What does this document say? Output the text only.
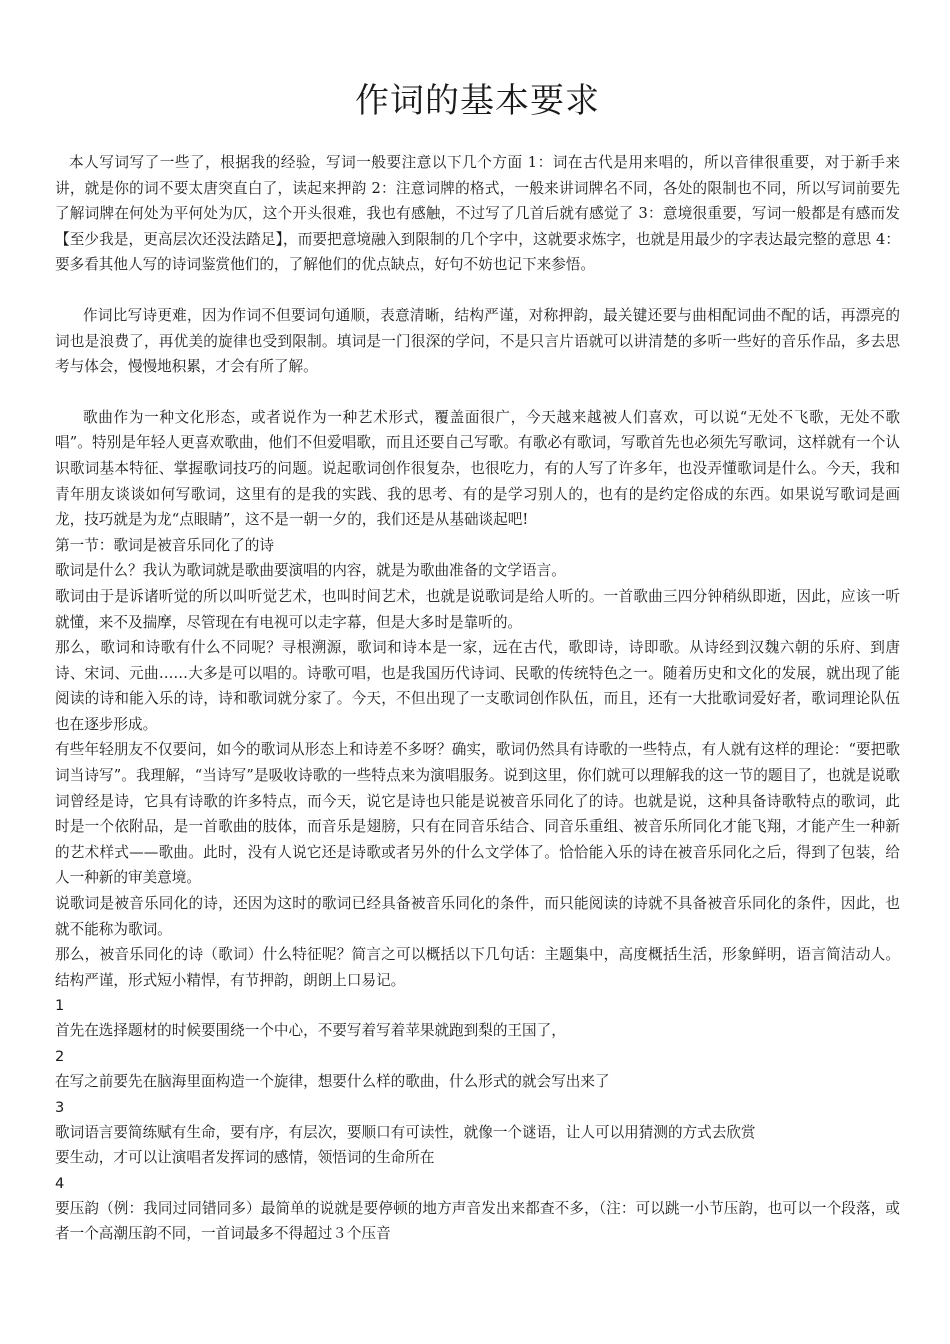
作词的基本要求

本人写词写了一些了，根据我的经验，写词一般要注意以下几个方面 1：词在古代是用来唱的，所以音律很重要，对于新手来讲，就是你的词不要太唐突直白了，读起来押韵 2：注意词牌的格式，一般来讲词牌名不同，各处的限制也不同，所以写词前要先了解词牌在何处为平何处为仄，这个开头很难，我也有感触，不过写了几首后就有感觉了 3：意境很重要，写词一般都是有感而发【至少我是，更高层次还没法踏足】，而要把意境融入到限制的几个字中，这就要求炼字，也就是用最少的字表达最完整的意思 4：要多看其他人写的诗词鉴赏他们的，了解他们的优点缺点，好句不妨也记下来参悟。

作词比写诗更难，因为作词不但要词句通顺，表意清晰，结构严谨，对称押韵，最关键还要与曲相配词曲不配的话，再漂亮的词也是浪费了，再优美的旋律也受到限制。填词是一门很深的学问，不是只言片语就可以讲清楚的多听一些好的音乐作品，多去思考与体会，慢慢地积累，才会有所了解。

歌曲作为一种文化形态，或者说作为一种艺术形式，覆盖面很广，今天越来越被人们喜欢，可以说“无处不飞歌，无处不歌唱”。特别是年轻人更喜欢歌曲，他们不但爱唱歌，而且还要自己写歌。有歌必有歌词，写歌首先也必须先写歌词，这样就有一个认识歌词基本特征、掌握歌词技巧的问题。说起歌词创作很复杂，也很吃力，有的人写了许多年，也没弄懂歌词是什么。今天，我和青年朋友谈谈如何写歌词，这里有的是我的实践、我的思考、有的是学习别人的，也有的是约定俗成的东西。如果说写歌词是画龙，技巧就是为龙“点眼睛”，这不是一朝一夕的，我们还是从基础谈起吧!

第一节：歌词是被音乐同化了的诗

歌词是什么？我认为歌词就是歌曲要演唱的内容，就是为歌曲准备的文学语言。

歌词由于是诉诸听觉的所以叫听觉艺术，也叫时间艺术，也就是说歌词是给人听的。一首歌曲三四分钟稍纵即逝，因此，应该一听就懂，来不及揣摩，尽管现在有电视可以走字幕，但是大多时是靠听的。

那么，歌词和诗歌有什么不同呢？寻根溯源，歌词和诗本是一家，远在古代，歌即诗，诗即歌。从诗经到汉魏六朝的乐府、到唐诗、宋词、元曲……大多是可以唱的。诗歌可唱，也是我国历代诗词、民歌的传统特色之一。随着历史和文化的发展，就出现了能阅读的诗和能入乐的诗，诗和歌词就分家了。今天，不但出现了一支歌词创作队伍，而且，还有一大批歌词爱好者，歌词理论队伍也在逐步形成。

有些年轻朋友不仅要问，如今的歌词从形态上和诗差不多呀？确实，歌词仍然具有诗歌的一些特点，有人就有这样的理论：“要把歌词当诗写”。我理解，“当诗写”是吸收诗歌的一些特点来为演唱服务。说到这里，你们就可以理解我的这一节的题目了，也就是说歌词曾经是诗，它具有诗歌的许多特点，而今天，说它是诗也只能是说被音乐同化了的诗。也就是说，这种具备诗歌特点的歌词，此时是一个依附品，是一首歌曲的肢体，而音乐是翅膀，只有在同音乐结合、同音乐重组、被音乐所同化才能飞翔，才能产生一种新的艺术样式——歌曲。此时，没有人说它还是诗歌或者另外的什么文学体了。恰恰能入乐的诗在被音乐同化之后，得到了包装，给人一种新的审美意境。

说歌词是被音乐同化的诗，还因为这时的歌词已经具备被音乐同化的条件，而只能阅读的诗就不具备被音乐同化的条件，因此，也就不能称为歌词。

那么，被音乐同化的诗（歌词）什么特征呢？简言之可以概括以下几句话：主题集中，高度概括生活，形象鲜明，语言简洁动人。结构严谨，形式短小精悍，有节押韵，朗朗上口易记。

1

首先在选择题材的时候要围绕一个中心，不要写着写着苹果就跑到梨的王国了，

2

在写之前要先在脑海里面构造一个旋律，想要什么样的歌曲，什么形式的就会写出来了

3

歌词语言要简练赋有生命，要有序，有层次，要顺口有可读性，就像一个谜语，让人可以用猜测的方式去欣赏

要生动，才可以让演唱者发挥词的感情，领悟词的生命所在

4

要压韵（例：我同过同错同多）最简单的说就是要停顿的地方声音发出来都查不多，（注：可以跳一小节压韵，也可以一个段落，或者一个高潮压韵不同，一首词最多不得超过３个压音
